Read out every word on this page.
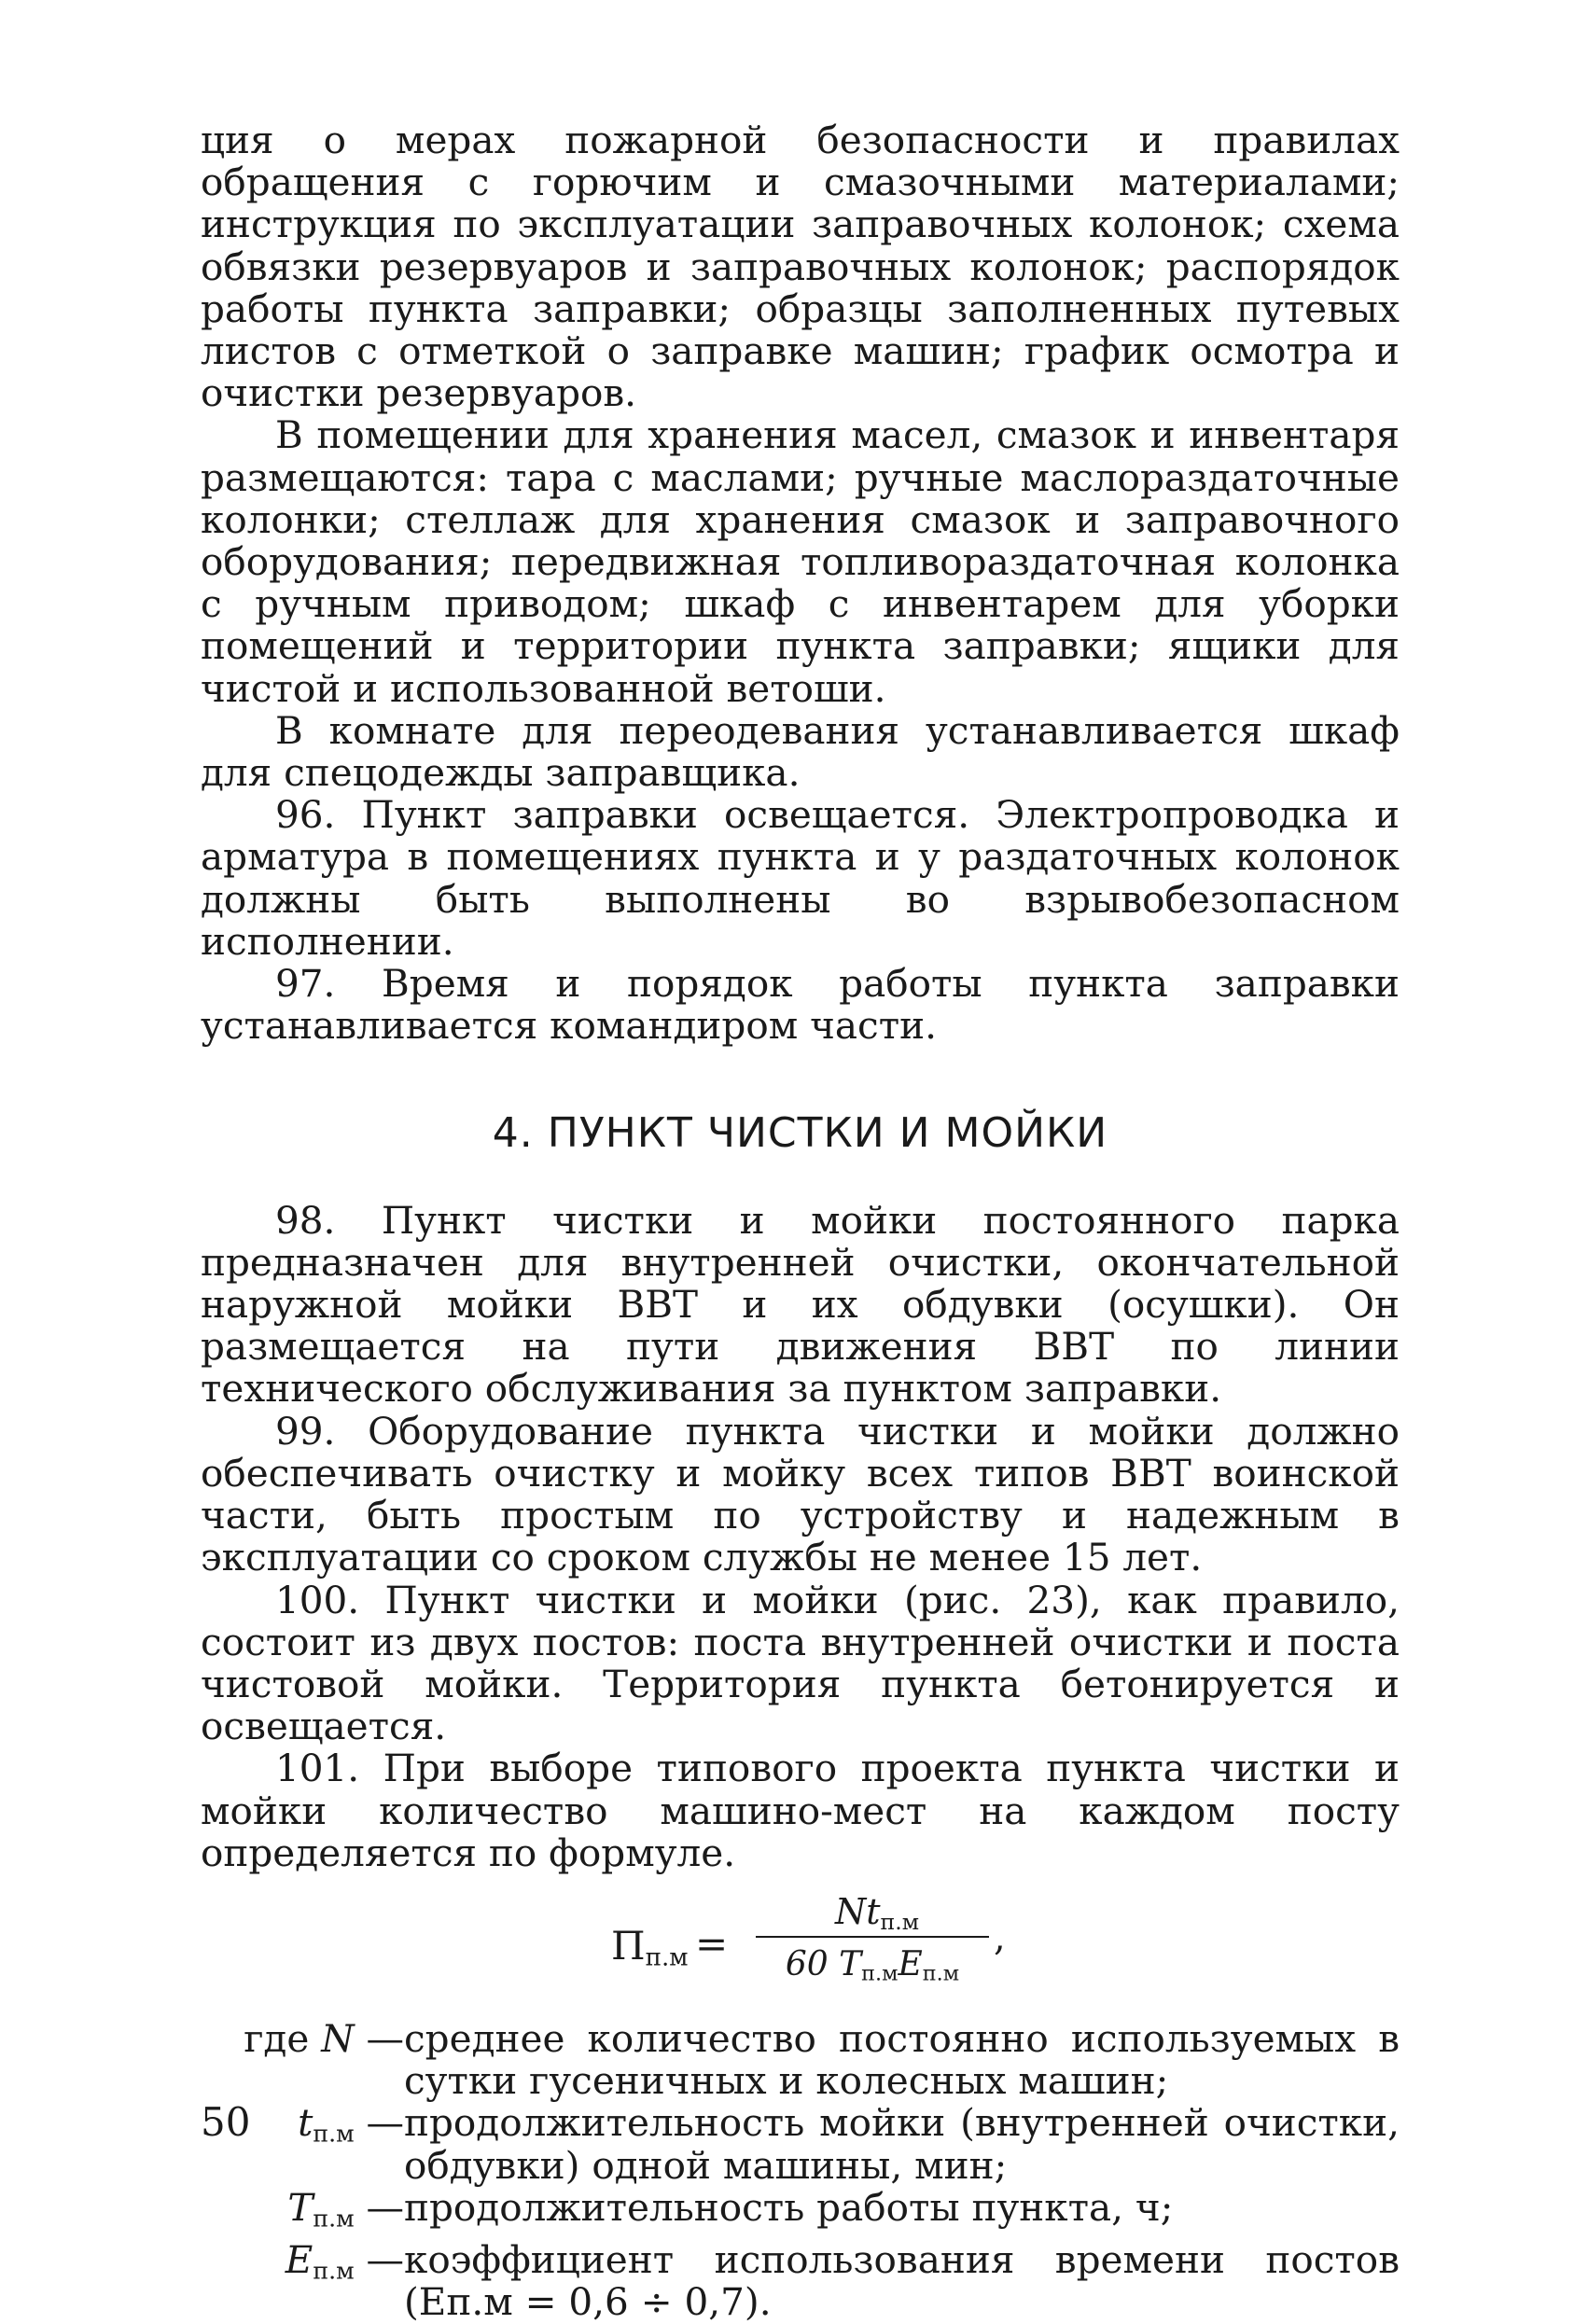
ция о мерах пожарной безопасности и правилах обращения с горючим и смазочными материалами; инструкция по эксплуатации заправочных колонок; схема обвязки резервуаров и заправочных колонок; распорядок работы пункта заправки; образцы заполненных путевых листов с отметкой о заправке машин; график осмотра и очистки резервуаров.

В помещении для хранения масел, смазок и инвентаря размещаются: тара с маслами; ручные маслораздаточные колонки; стеллаж для хранения смазок и заправочного оборудования; передвижная топливораздаточная колонка с ручным приводом; шкаф с инвентарем для уборки помещений и территории пункта заправки; ящики для чистой и использованной ветоши.

В комнате для переодевания устанавливается шкаф для спецодежды заправщика.

96. Пункт заправки освещается. Электропроводка и арматура в помещениях пункта и у раздаточных колонок должны быть выполнены во взрывобезопасном исполнении.

97. Время и порядок работы пункта заправки устанавливается командиром части.

4. ПУНКТ ЧИСТКИ И МОЙКИ

98. Пункт чистки и мойки постоянного парка предназначен для внутренней очистки, окончательной наружной мойки ВВТ и их обдувки (осушки). Он размещается на пути движения ВВТ по линии технического обслуживания за пунктом заправки.

99. Оборудование пункта чистки и мойки должно обеспечивать очистку и мойку всех типов ВВТ воинской части, быть простым по устройству и надежным в эксплуатации со сроком службы не менее 15 лет.

100. Пункт чистки и мойки (рис. 23), как правило, состоит из двух постов: поста внутренней очистки и поста чистовой мойки. Территория пункта бетонируется и освещается.

101. При выборе типового проекта пункта чистки и мойки количество машино-мест на каждом посту определяется по формуле.

$П_{п.м}$ =
$Nt_{п.м}$
60 $T_{п.м}E_{п.м}$
,
где N — среднее количество постоянно используемых в сутки гусеничных и колесных машин;
$t_{п.м}$ — продолжительность мойки (внутренней очистки, обдувки) одной машины, мин;
$T_{п.м}$ — продолжительность работы пункта, ч;
$E_{п.м}$ — коэффициент использования времени постов (Eп.м = 0,6 ÷ 0,7).
50
